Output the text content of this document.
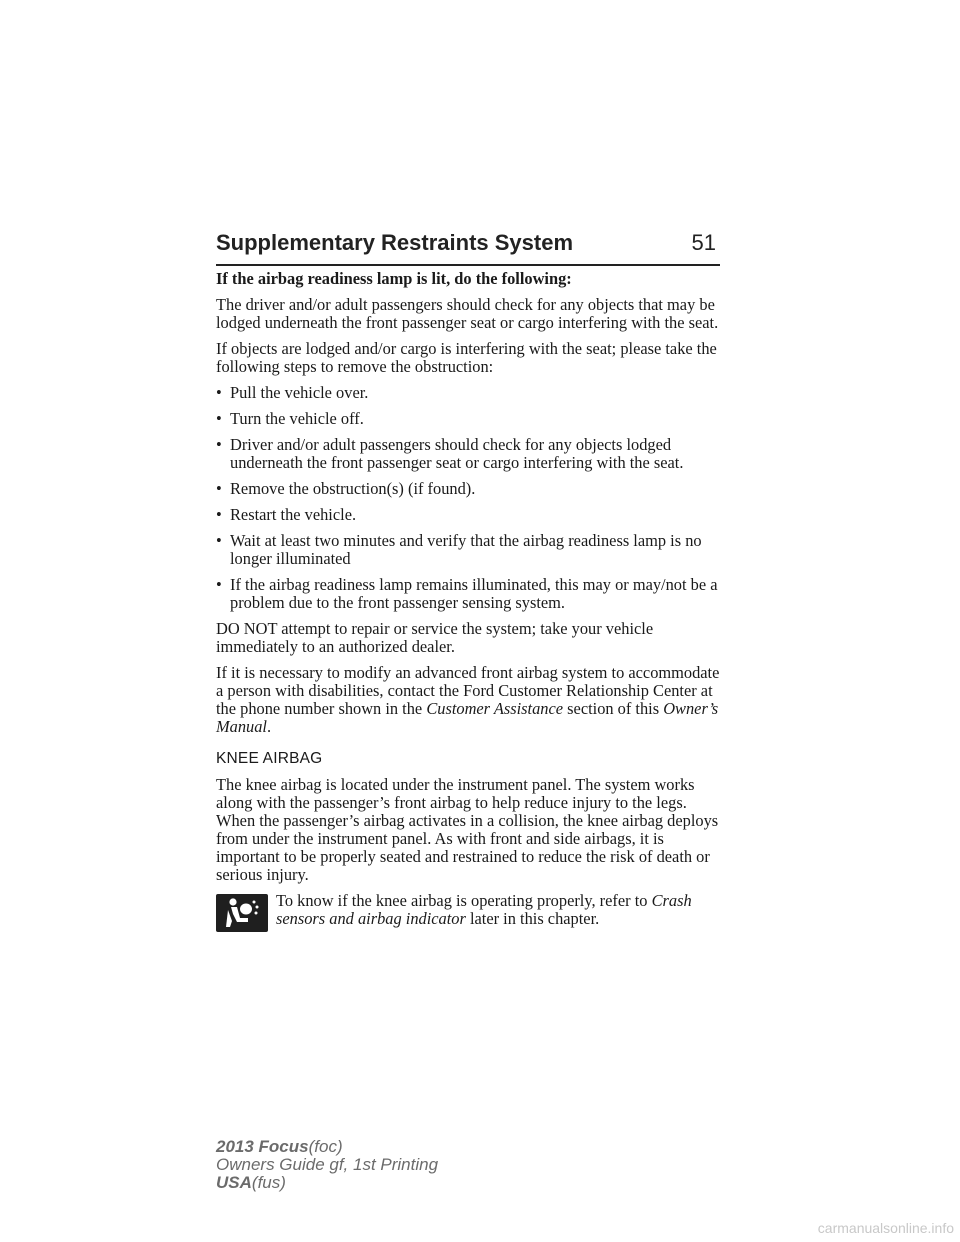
Supplementary Restraints System	51

If the airbag readiness lamp is lit, do the following:

The driver and/or adult passengers should check for any objects that may be lodged underneath the front passenger seat or cargo interfering with the seat.

If objects are lodged and/or cargo is interfering with the seat; please take the following steps to remove the obstruction:

• Pull the vehicle over.
• Turn the vehicle off.
• Driver and/or adult passengers should check for any objects lodged underneath the front passenger seat or cargo interfering with the seat.
• Remove the obstruction(s) (if found).
• Restart the vehicle.
• Wait at least two minutes and verify that the airbag readiness lamp is no longer illuminated
• If the airbag readiness lamp remains illuminated, this may or may/not be a problem due to the front passenger sensing system.

DO NOT attempt to repair or service the system; take your vehicle immediately to an authorized dealer.

If it is necessary to modify an advanced front airbag system to accommodate a person with disabilities, contact the Ford Customer Relationship Center at the phone number shown in the Customer Assistance section of this Owner’s Manual.

KNEE AIRBAG

The knee airbag is located under the instrument panel. The system works along with the passenger’s front airbag to help reduce injury to the legs. When the passenger’s airbag activates in a collision, the knee airbag deploys from under the instrument panel. As with front and side airbags, it is important to be properly seated and restrained to reduce the risk of death or serious injury.

To know if the knee airbag is operating properly, refer to Crash sensors and airbag indicator later in this chapter.
2013 Focus(foc)
Owners Guide gf, 1st Printing
USA(fus)
carmanualsonline.info
